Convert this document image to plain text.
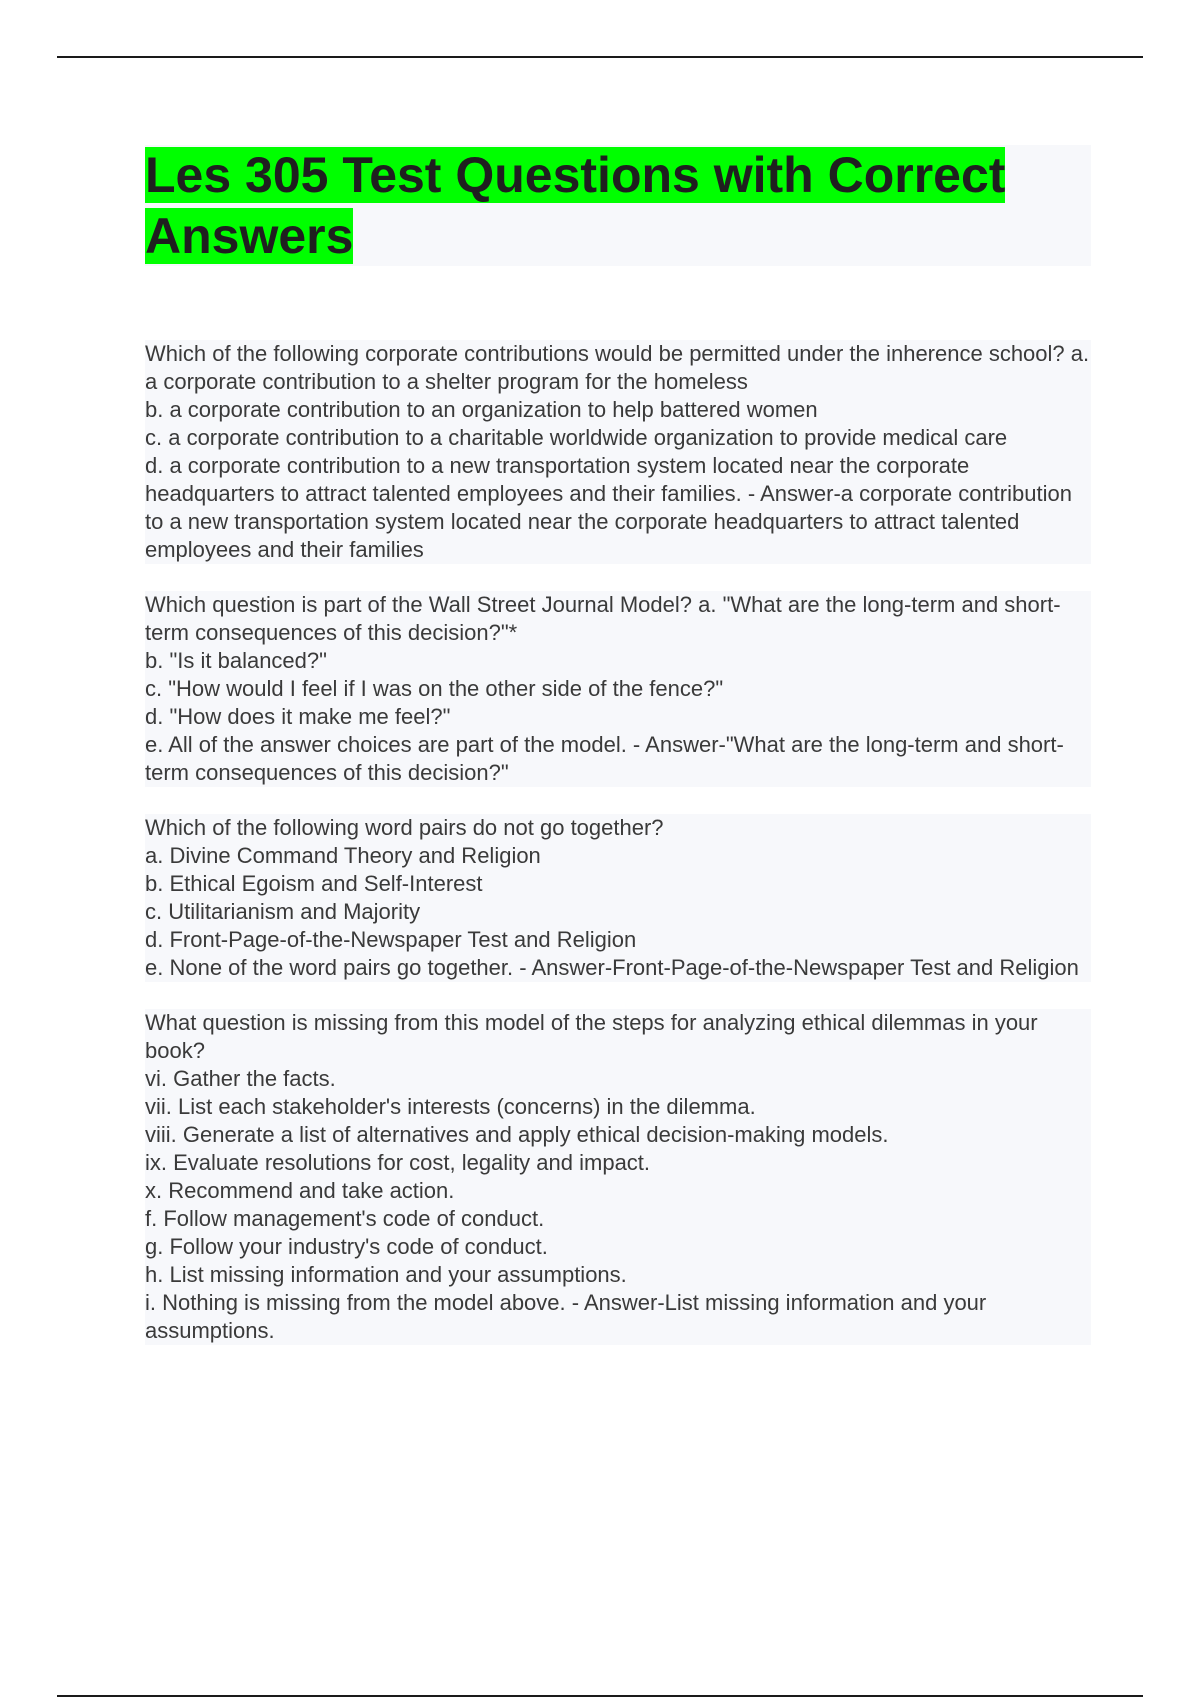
Les 305 Test Questions with Correct Answers

Which of the following corporate contributions would be permitted under the inherence school? a. a corporate contribution to a shelter program for the homeless

b. a corporate contribution to an organization to help battered women

c. a corporate contribution to a charitable worldwide organization to provide medical care

d. a corporate contribution to a new transportation system located near the corporate headquarters to attract talented employees and their families. - Answer-a corporate contribution to a new transportation system located near the corporate headquarters to attract talented employees and their families

Which question is part of the Wall Street Journal Model? a. "What are the long-term and short-term consequences of this decision?"*

b. "Is it balanced?"

c. "How would I feel if I was on the other side of the fence?"

d. "How does it make me feel?"

e. All of the answer choices are part of the model. - Answer-"What are the long-term and short-term consequences of this decision?"

Which of the following word pairs do not go together?

a. Divine Command Theory and Religion

b. Ethical Egoism and Self-Interest

c. Utilitarianism and Majority

d. Front-Page-of-the-Newspaper Test and Religion

e. None of the word pairs go together. - Answer-Front-Page-of-the-Newspaper Test and Religion

What question is missing from this model of the steps for analyzing ethical dilemmas in your book?

vi. Gather the facts.

vii. List each stakeholder's interests (concerns) in the dilemma.

viii. Generate a list of alternatives and apply ethical decision-making models.

ix. Evaluate resolutions for cost, legality and impact.

x. Recommend and take action.

f. Follow management's code of conduct.

g. Follow your industry's code of conduct.

h. List missing information and your assumptions.

i. Nothing is missing from the model above. - Answer-List missing information and your assumptions.
